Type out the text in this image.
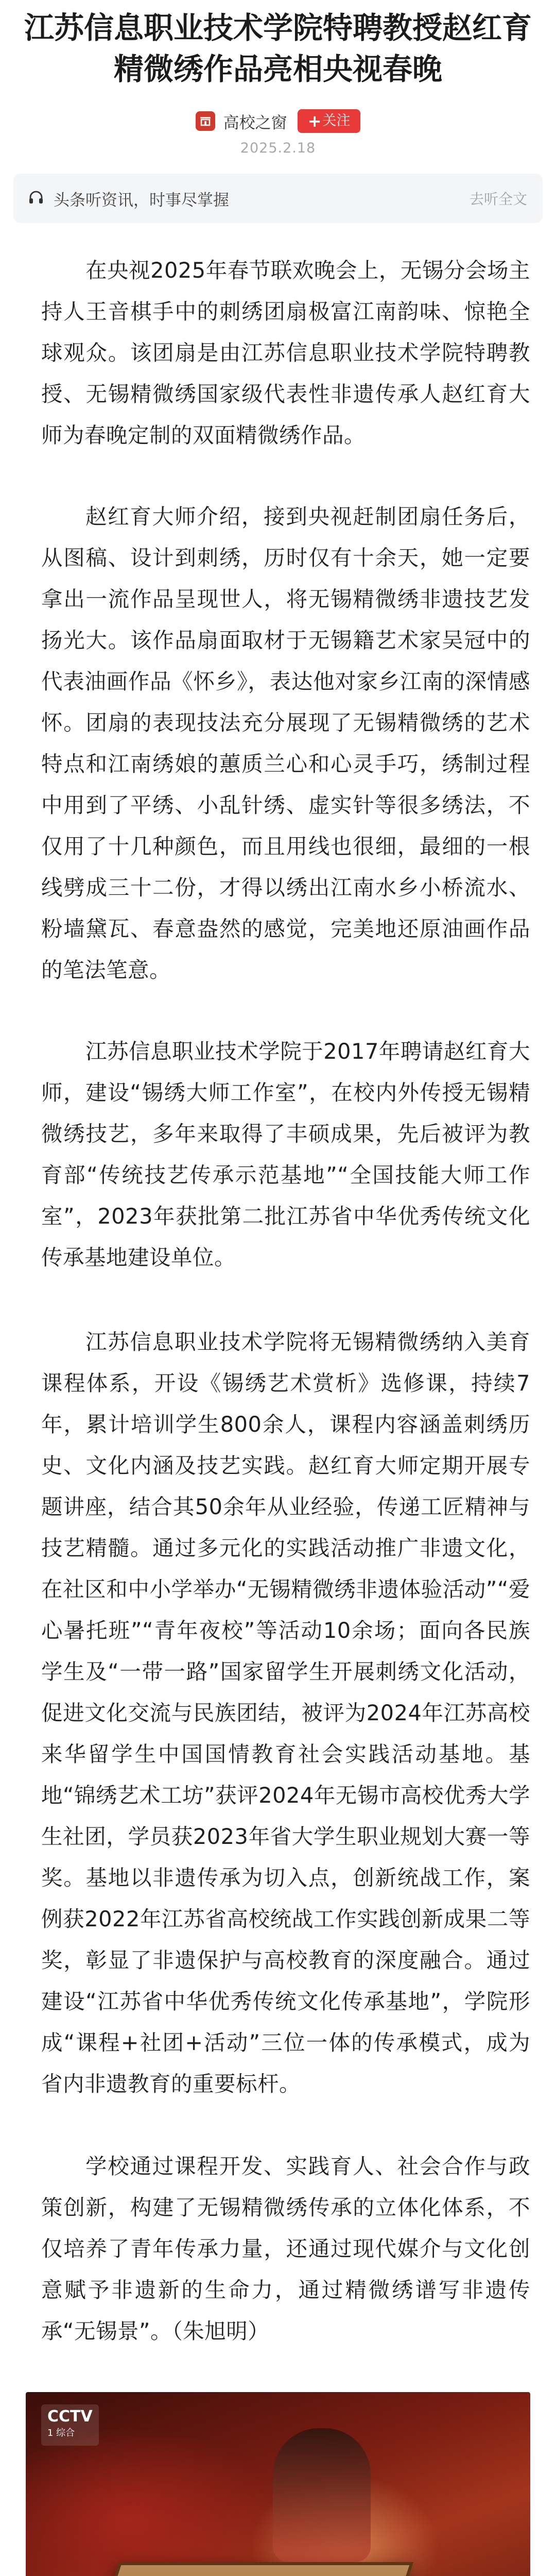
江苏信息职业技术学院特聘教授赵红育精微绣作品亮相央视春晚
高校之窗 + 关注
2025.2.18
头条听资讯，时事尽掌握	去听全文

在央视2025年春节联欢晚会上，无锡分会场主持人王音棋手中的刺绣团扇极富江南韵味、惊艳全球观众。该团扇是由江苏信息职业技术学院特聘教授、无锡精微绣国家级代表性非遗传承人赵红育大师为春晚定制的双面精微绣作品。

赵红育大师介绍，接到央视赶制团扇任务后，从图稿、设计到刺绣，历时仅有十余天，她一定要拿出一流作品呈现世人，将无锡精微绣非遗技艺发扬光大。该作品扇面取材于无锡籍艺术家吴冠中的代表油画作品《怀乡》，表达他对家乡江南的深情感怀。团扇的表现技法充分展现了无锡精微绣的艺术特点和江南绣娘的蕙质兰心和心灵手巧，绣制过程中用到了平绣、小乱针绣、虚实针等很多绣法，不仅用了十几种颜色，而且用线也很细，最细的一根线劈成三十二份，才得以绣出江南水乡小桥流水、粉墙黛瓦、春意盎然的感觉，完美地还原油画作品的笔法笔意。

江苏信息职业技术学院于2017年聘请赵红育大师，建设“锡绣大师工作室”，在校内外传授无锡精微绣技艺，多年来取得了丰硕成果，先后被评为教育部“传统技艺传承示范基地”“全国技能大师工作室”，2023年获批第二批江苏省中华优秀传统文化传承基地建设单位。

江苏信息职业技术学院将无锡精微绣纳入美育课程体系，开设《锡绣艺术赏析》选修课，持续7年，累计培训学生800余人，课程内容涵盖刺绣历史、文化内涵及技艺实践。赵红育大师定期开展专题讲座，结合其50余年从业经验，传递工匠精神与技艺精髓。通过多元化的实践活动推广非遗文化，在社区和中小学举办“无锡精微绣非遗体验活动”“爱心暑托班”“青年夜校”等活动10余场；面向各民族学生及“一带一路”国家留学生开展刺绣文化活动，促进文化交流与民族团结，被评为2024年江苏高校来华留学生中国国情教育社会实践活动基地。基地“锦绣艺术工坊”获评2024年无锡市高校优秀大学生社团，学员获2023年省大学生职业规划大赛一等奖。基地以非遗传承为切入点，创新统战工作，案例获2022年江苏省高校统战工作实践创新成果二等奖，彰显了非遗保护与高校教育的深度融合。通过建设“江苏省中华优秀传统文化传承基地”，学院形成“课程+社团+活动”三位一体的传承模式，成为省内非遗教育的重要标杆。

学校通过课程开发、实践育人、社会合作与政策创新，构建了无锡精微绣传承的立体化体系，不仅培养了青年传承力量，还通过现代媒介与文化创意赋予非遗新的生命力，通过精微绣谱写非遗传承“无锡景”。（朱旭明）

CCTV
1 综合
